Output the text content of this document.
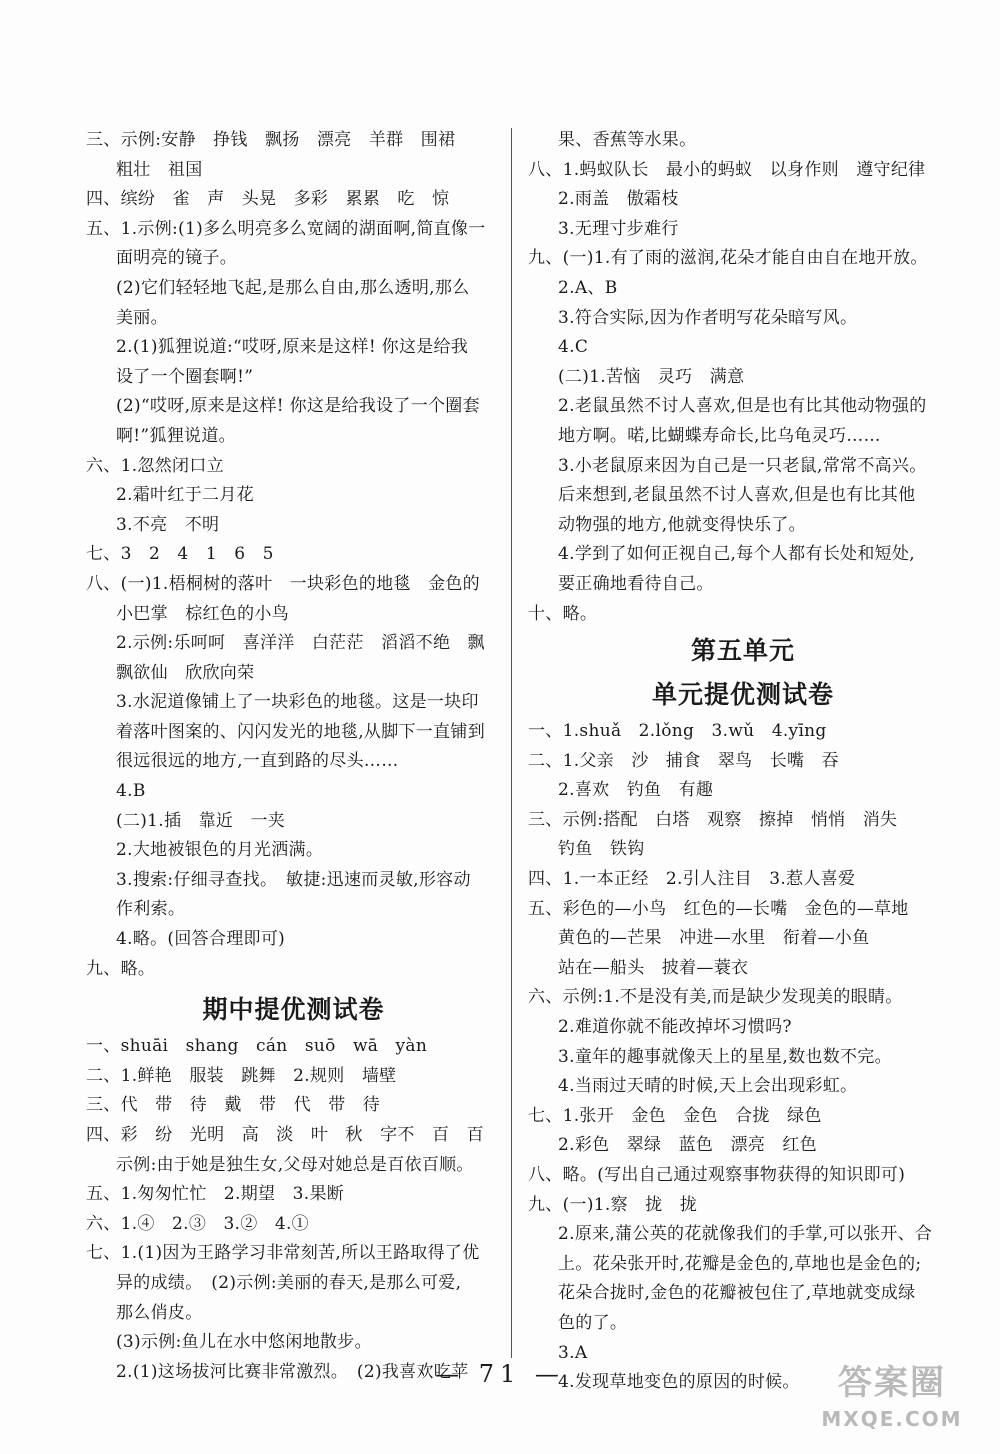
三、示例:安静　挣钱　飘扬　漂亮　羊群　围裙
粗壮　祖国
四、缤纷　雀　声　头晃　多彩　累累　吃　惊
五、1.示例:(1)多么明亮多么宽阔的湖面啊,简直像一
面明亮的镜子。
(2)它们轻轻地飞起,是那么自由,那么透明,那么
美丽。
2.(1)狐狸说道:“哎呀,原来是这样! 你这是给我
设了一个圈套啊!”
(2)“哎呀,原来是这样! 你这是给我设了一个圈套
啊!”狐狸说道。
六、1.忽然闭口立
2.霜叶红于二月花
3.不亮　不明
七、3　2　4　1　6　5
八、(一)1.梧桐树的落叶　一块彩色的地毯　金色的
小巴掌　棕红色的小鸟
2.示例:乐呵呵　喜洋洋　白茫茫　滔滔不绝　飘
飘欲仙　欣欣向荣
3.水泥道像铺上了一块彩色的地毯。这是一块印
着落叶图案的、闪闪发光的地毯,从脚下一直铺到
很远很远的地方,一直到路的尽头……
4.B
(二)1.插　靠近　一夹
2.大地被银色的月光洒满。
3.搜索:仔细寻查找。　敏捷:迅速而灵敏,形容动
作利索。
4.略。(回答合理即可)
九、略。
期中提优测试卷
一、shuāi　shang　cán　suō　wā　yàn
二、1.鲜艳　服装　跳舞　2.规则　墙壁
三、代　带　待　戴　带　代　带　待
四、彩　纷　光明　高　淡　叶　秋　字不　百　百
示例:由于她是独生女,父母对她总是百依百顺。
五、1.匆匆忙忙　2.期望　3.果断
六、1.④　2.③　3.②　4.①
七、1.(1)因为王路学习非常刻苦,所以王路取得了优
异的成绩。　(2)示例:美丽的春天,是那么可爱,
那么俏皮。
(3)示例:鱼儿在水中悠闲地散步。
2.(1)这场拔河比赛非常激烈。　(2)我喜欢吃苹
果、香蕉等水果。
八、1.蚂蚁队长　最小的蚂蚁　以身作则　遵守纪律
2.雨盖　傲霜枝
3.无理寸步难行
九、(一)1.有了雨的滋润,花朵才能自由自在地开放。
2.A、B
3.符合实际,因为作者明写花朵暗写风。
4.C
(二)1.苦恼　灵巧　满意
2.老鼠虽然不讨人喜欢,但是也有比其他动物强的
地方啊。喏,比蝴蝶寿命长,比乌龟灵巧……
3.小老鼠原来因为自己是一只老鼠,常常不高兴。
后来想到,老鼠虽然不讨人喜欢,但是也有比其他
动物强的地方,他就变得快乐了。
4.学到了如何正视自己,每个人都有长处和短处,
要正确地看待自己。
十、略。
第五单元
单元提优测试卷
一、1.shuǎ　2.lǒng　3.wǔ　4.yīng
二、1.父亲　沙　捕食　翠鸟　长嘴　吞
2.喜欢　钓鱼　有趣
三、示例:搭配　白塔　观察　擦掉　悄悄　消失
钓鱼　铁钩
四、1.一本正经　2.引人注目　3.惹人喜爱
五、彩色的—小鸟　红色的—长嘴　金色的—草地
黄色的—芒果　冲进—水里　衔着—小鱼
站在—船头　披着—蓑衣
六、示例:1.不是没有美,而是缺少发现美的眼睛。
2.难道你就不能改掉坏习惯吗?
3.童年的趣事就像天上的星星,数也数不完。
4.当雨过天晴的时候,天上会出现彩虹。
七、1.张开　金色　金色　合拢　绿色
2.彩色　翠绿　蓝色　漂亮　红色
八、略。(写出自己通过观察事物获得的知识即可)
九、(一)1.察　拢　拢
2.原来,蒲公英的花就像我们的手掌,可以张开、合
上。花朵张开时,花瓣是金色的,草地也是金色的;
花朵合拢时,金色的花瓣被包住了,草地就变成绿
色的了。
3.A
4.发现草地变色的原因的时候。
— 71 —	答案圈
MXQE.COM
